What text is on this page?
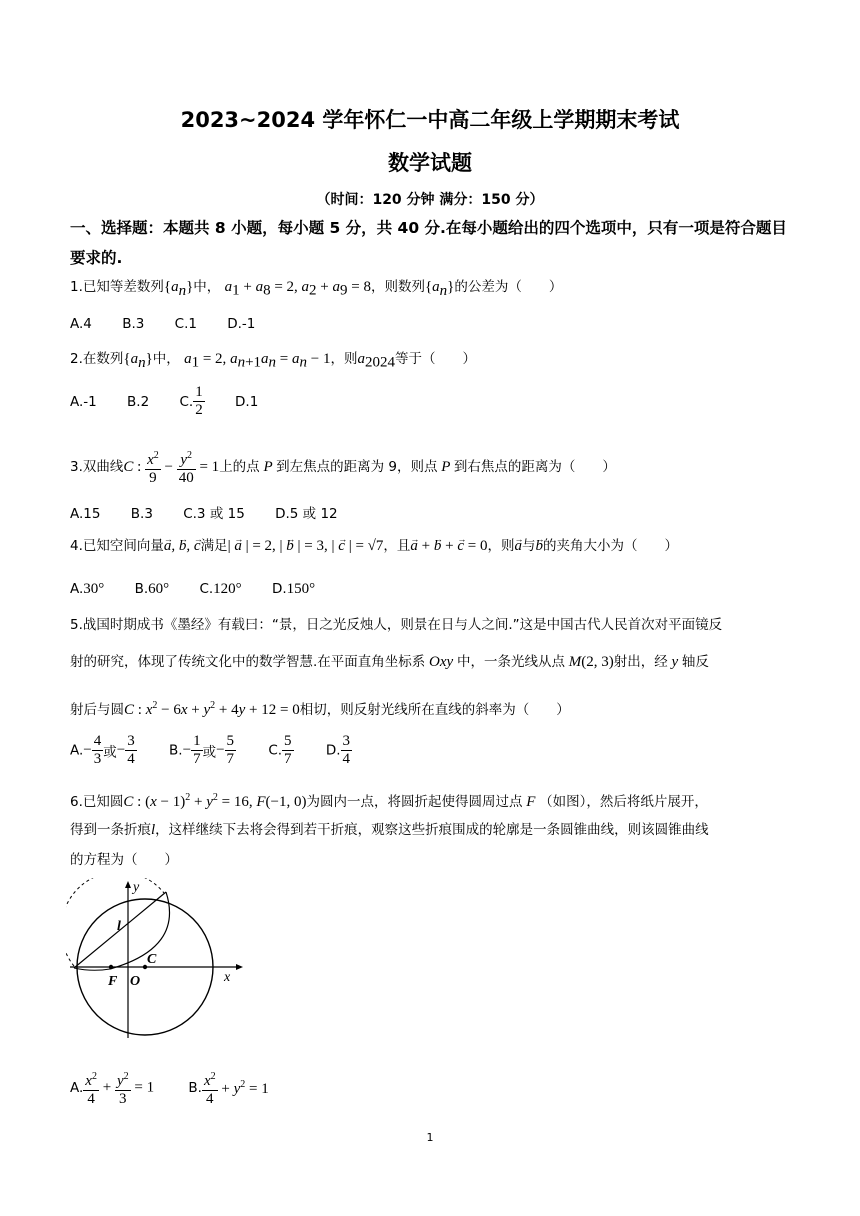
2023~2024 学年怀仁一中高二年级上学期期末考试
数学试题
（时间：120 分钟 满分：150 分）
一、选择题：本题共 8 小题，每小题 5 分，共 40 分.在每小题给出的四个选项中，只有一项是符合题目要求的.
1.已知等差数列$\{a_n\}$中， $a_1 + a_8 = 2$, $a_2 + a_9 = 8$，则数列$\{a_n\}$的公差为（　　）
A.4 B.3 C.1 D.-1
2.在数列$\{a_n\}$中， $a_1 = 2$, $a_{n+1}a_n = a_n - 1$，则$a_{2024}$等于（　　）
A.-1 B.2 C. $\frac{1}{2} D.1$
3.双曲线C : $\frac{x^2}{9} - \frac{y^2}{40} = 1$上的点 P 到左焦点的距离为 9，则点 P 到右焦点的距离为（　　）
A.15 B.3 C.3 或 15 D.5 或 12
4.已知空间向量→ a, → b, → c满足| → a | = 2, | → b | = 3, | → c | = √7，且→ a + → b + → c = 0，则→ a与→ b的夹角大小为（　　）
A.30° B.60° C.120° D.150°
5.战国时期成书《墨经》有载曰：“景，日之光反烛人，则景在日与人之间.”这是中国古代人民首次对平面镜反
射的研究，体现了传统文化中的数学智慧.在平面直角坐标系 Oxy 中，一条光线从点 M(2, 3)射出，经 y 轴反
射后与圆C : $x^2 - 6x + y^2 + 4y + 12 = 0$相切，则反射光线所在直线的斜率为（　　）
$A.- \frac{4}{3}$ 或− $\frac{3}{4} B.- \frac{1}{7}$ 或− $\frac{5}{7} C$. $\frac{5}{7} D$. $\frac{3}{4}$
6.已知圆C : $(x - 1)^2 + y^2 = 16$, F(−1, 0)为圆内一点，将圆折起使得圆周过点 F （如图），然后将纸片展开，
得到一条折痕l，这样继续下去将会得到若干折痕，观察这些折痕围成的轮廓是一条圆锥曲线，则该圆锥曲线
的方程为（　　）
y
x
l
F O
C
A. $\frac{x^2}{4} + \frac{y^2}{3} = 1$	B. $\frac{x^2}{4} + y^2 = 1$
1
